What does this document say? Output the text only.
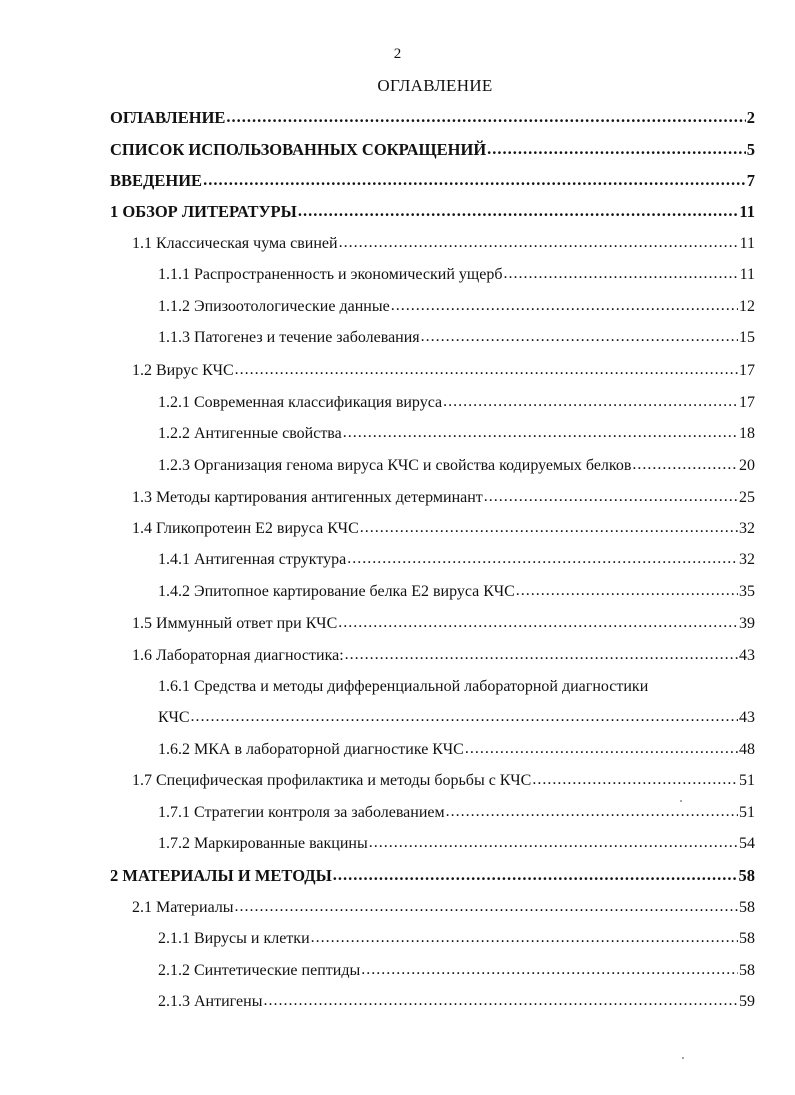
2
ОГЛАВЛЕНИЕ
ОГЛАВЛЕНИЕ .....	2
СПИСОК ИСПОЛЬЗОВАННЫХ СОКРАЩЕНИЙ .....	5
ВВЕДЕНИЕ .....	7
1 ОБЗОР ЛИТЕРАТУРЫ .....	11
1.1 Классическая чума свиней .....	11
1.1.1 Распространенность и экономический ущерб .....	11
1.1.2 Эпизоотологические данные .....	12
1.1.3 Патогенез и течение заболевания .....	15
1.2 Вирус КЧС .....	17
1.2.1 Современная классификация вируса .....	17
1.2.2 Антигенные свойства .....	18
1.2.3 Организация генома вируса КЧС и свойства кодируемых белков .....	20
1.3 Методы картирования антигенных детерминант .....	25
1.4 Гликопротеин Е2 вируса КЧС .....	32
1.4.1 Антигенная структура .....	32
1.4.2 Эпитопное картирование белка Е2 вируса КЧС .....	35
1.5 Иммунный ответ при КЧС .....	39
1.6 Лабораторная диагностика: .....	43
1.6.1 Средства и методы дифференциальной лабораторной диагностики
КЧС .....	43
1.6.2 МКА в лабораторной диагностике КЧС .....	48
1.7 Специфическая профилактика и методы борьбы с КЧС .....	51
1.7.1 Стратегии контроля за заболеванием .....	51
1.7.2 Маркированные вакцины .....	54
2 МАТЕРИАЛЫ И МЕТОДЫ .....	58
2.1 Материалы .....	58
2.1.1 Вирусы и клетки .....	58
2.1.2 Синтетические пептиды .....	58
2.1.3 Антигены .....	59
